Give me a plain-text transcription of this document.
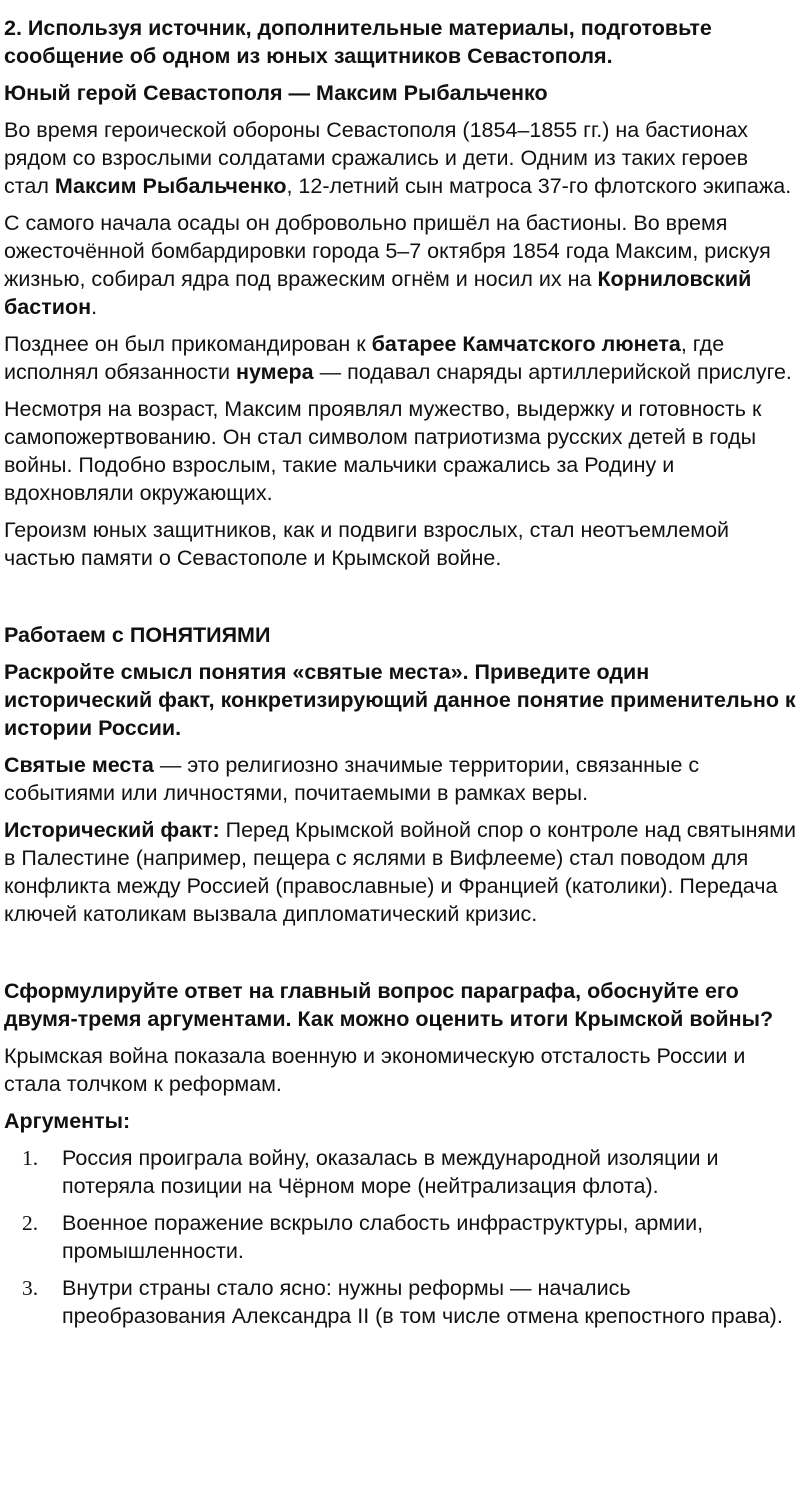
2. Используя источник, дополнительные материалы, подготовьте сообщение об одном из юных защитников Севастополя.

Юный герой Севастополя — Максим Рыбальченко

Во время героической обороны Севастополя (1854–1855 гг.) на бастионах рядом со взрослыми солдатами сражались и дети. Одним из таких героев стал Максим Рыбальченко, 12-летний сын матроса 37-го флотского экипажа.

С самого начала осады он добровольно пришёл на бастионы. Во время ожесточённой бомбардировки города 5–7 октября 1854 года Максим, рискуя жизнью, собирал ядра под вражеским огнём и носил их на Корниловский бастион.

Позднее он был прикомандирован к батарее Камчатского люнета, где исполнял обязанности нумера — подавал снаряды артиллерийской прислуге.

Несмотря на возраст, Максим проявлял мужество, выдержку и готовность к самопожертвованию. Он стал символом патриотизма русских детей в годы войны. Подобно взрослым, такие мальчики сражались за Родину и вдохновляли окружающих.

Героизм юных защитников, как и подвиги взрослых, стал неотъемлемой частью памяти о Севастополе и Крымской войне.

Работаем с ПОНЯТИЯМИ

Раскройте смысл понятия «святые места». Приведите один исторический факт, конкретизирующий данное понятие применительно к истории России.

Святые места — это религиозно значимые территории, связанные с событиями или личностями, почитаемыми в рамках веры.

Исторический факт: Перед Крымской войной спор о контроле над святынями в Палестине (например, пещера с яслями в Вифлееме) стал поводом для конфликта между Россией (православные) и Францией (католики). Передача ключей католикам вызвала дипломатический кризис.

Сформулируйте ответ на главный вопрос параграфа, обоснуйте его двумя-тремя аргументами. Как можно оценить итоги Крымской войны?

Крымская война показала военную и экономическую отсталость России и стала толчком к реформам.

Аргументы:

1.	Россия проиграла войну, оказалась в международной изоляции и потеряла позиции на Чёрном море (нейтрализация флота).
2.	Военное поражение вскрыло слабость инфраструктуры, армии, промышленности.
3.	Внутри страны стало ясно: нужны реформы — начались преобразования Александра II (в том числе отмена крепостного права).
